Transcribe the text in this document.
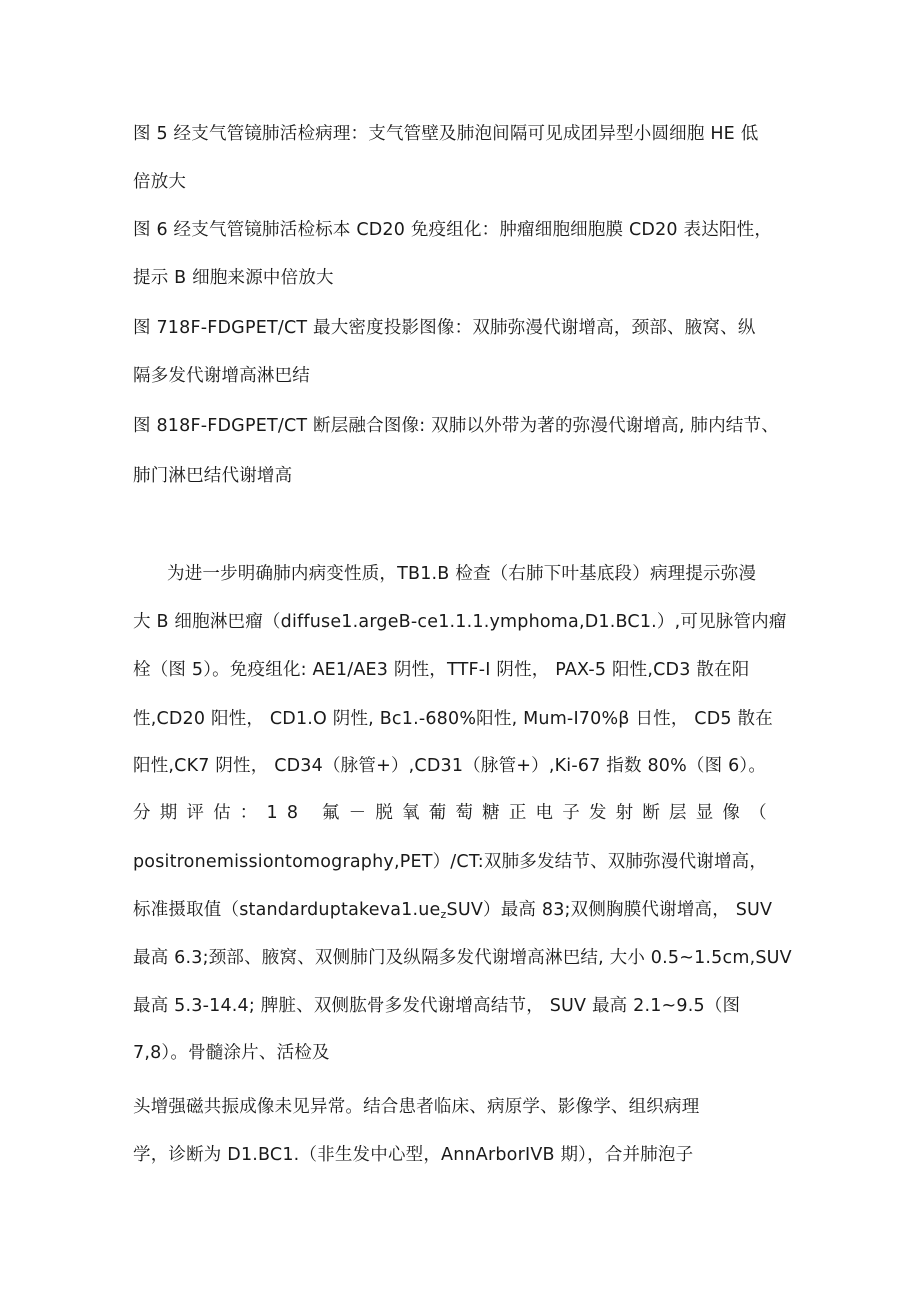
图 5 经支气管镜肺活检病理：支气管壁及肺泡间隔可见成团异型小圆细胞 HE 低
倍放大
图 6 经支气管镜肺活检标本 CD20 免疫组化：肿瘤细胞细胞膜 CD20 表达阳性，
提示 B 细胞来源中倍放大
图 718F-FDGPET/CT 最大密度投影图像：双肺弥漫代谢增高，颈部、腋窝、纵
隔多发代谢增高淋巴结
图 818F-FDGPET/CT 断层融合图像: 双肺以外带为著的弥漫代谢增高, 肺内结节、
肺门淋巴结代谢增高
为进一步明确肺内病变性质，TB1.B 检查（右肺下叶基底段）病理提示弥漫
大 B 细胞淋巴瘤（diffuse1.argeB-ce1.1.1.ymphoma,D1.BC1.）,可见脉管内瘤
栓（图 5）。免疫组化: AE1/AE3 阴性，TTF-I 阴性， PAX-5 阳性,CD3 散在阳
性,CD20 阳性， CD1.O 阴性, Bc1.-680%阳性, Mum-I70%β 日性， CD5 散在
阳性,CK7 阴性， CD34（脉管+）,CD31（脉管+）,Ki-67 指数 80%（图 6）。
分期评估：18 氟－脱氧葡萄糖正电子发射断层显像（
positronemissiontomography,PET）/CT:双肺多发结节、双肺弥漫代谢增高，
标准摄取值$(standarduptakeva1.ue_zSUV)$最高 83;双侧胸膜代谢增高， SUV
最高 6.3;颈部、腋窝、双侧肺门及纵隔多发代谢增高淋巴结, 大小 0.5~1.5cm,SUV
最高 5.3-14.4; 脾脏、双侧肱骨多发代谢增高结节， SUV 最高 2.1~9.5（图
7,8）。骨髓涂片、活检及
头增强磁共振成像未见异常。结合患者临床、病原学、影像学、组织病理
学，诊断为 D1.BC1.（非生发中心型，AnnArborIVB 期），合并肺泡子
